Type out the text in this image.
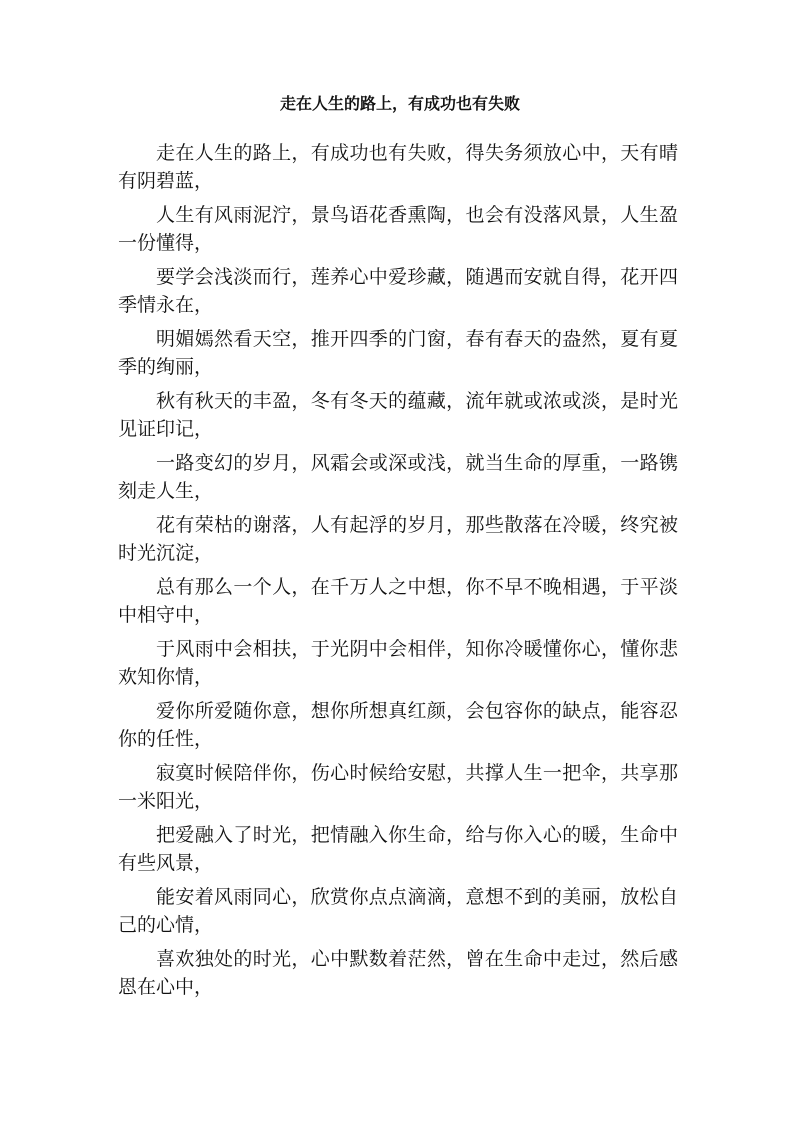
走在人生的路上，有成功也有失败

走在人生的路上，有成功也有失败，得失务须放心中，天有晴有阴碧蓝，

人生有风雨泥泞，景鸟语花香熏陶，也会有没落风景，人生盈一份懂得，

要学会浅淡而行，莲养心中爱珍藏，随遇而安就自得，花开四季情永在，

明媚嫣然看天空，推开四季的门窗，春有春天的盎然，夏有夏季的绚丽，

秋有秋天的丰盈，冬有冬天的蕴藏，流年就或浓或淡，是时光见证印记，

一路变幻的岁月，风霜会或深或浅，就当生命的厚重，一路镌刻走人生，

花有荣枯的谢落，人有起浮的岁月，那些散落在冷暖，终究被时光沉淀，

总有那么一个人，在千万人之中想，你不早不晚相遇，于平淡中相守中，

于风雨中会相扶，于光阴中会相伴，知你冷暖懂你心，懂你悲欢知你情，

爱你所爱随你意，想你所想真红颜，会包容你的缺点，能容忍你的任性，

寂寞时候陪伴你，伤心时候给安慰，共撑人生一把伞，共享那一米阳光，

把爱融入了时光，把情融入你生命，给与你入心的暖，生命中有些风景，

能安着风雨同心，欣赏你点点滴滴，意想不到的美丽，放松自己的心情，

喜欢独处的时光，心中默数着茫然，曾在生命中走过，然后感恩在心中，
